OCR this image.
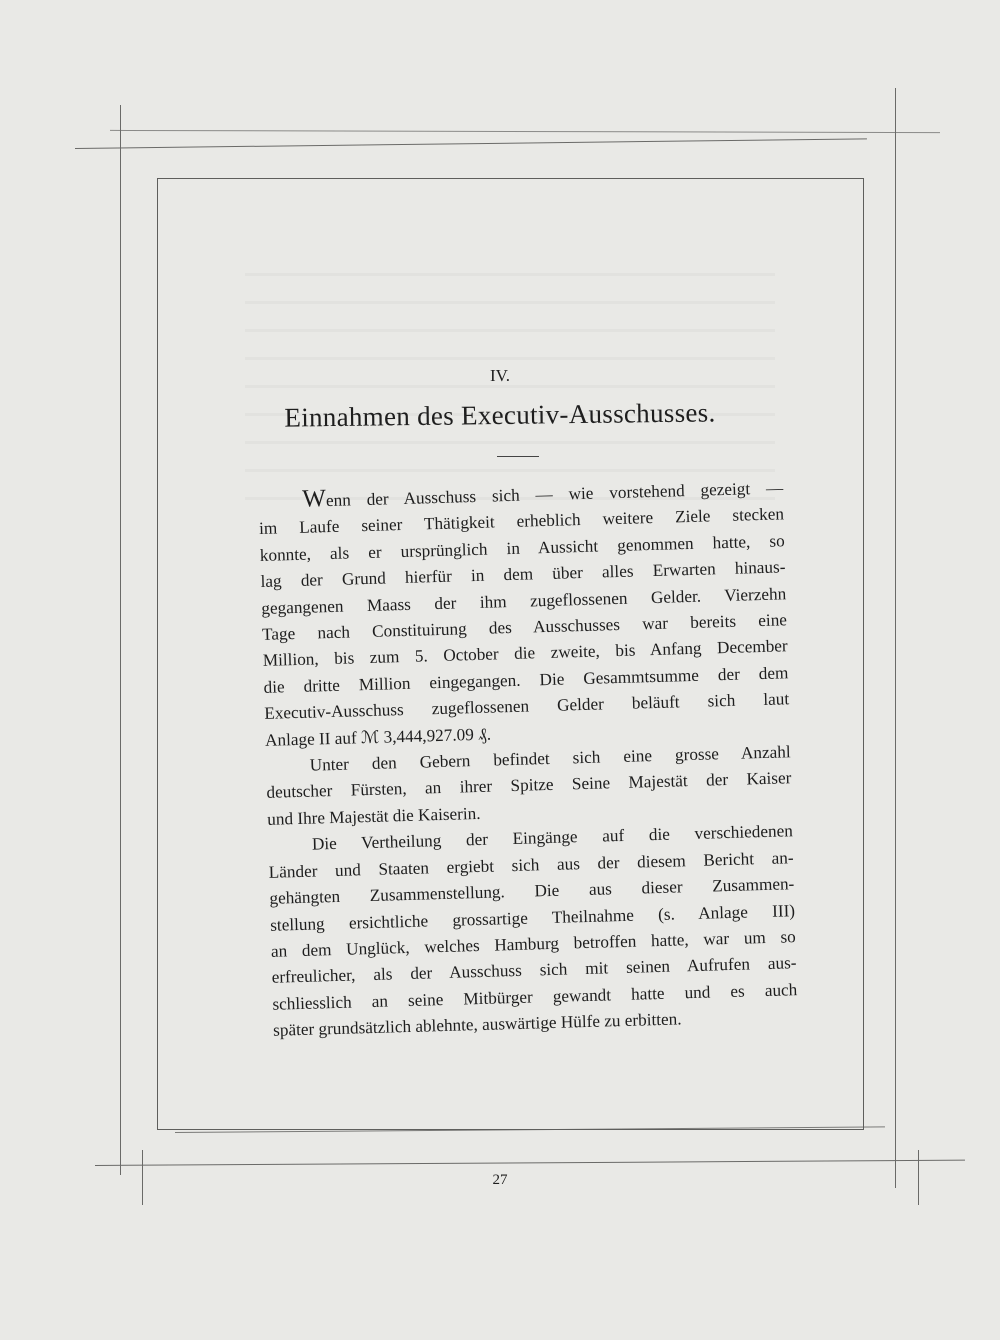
IV.
Einnahmen des Executiv-Ausschusses.

Wenn der Ausschuss sich — wie vorstehend gezeigt —
im Laufe seiner Thätigkeit erheblich weitere Ziele stecken
konnte, als er ursprünglich in Aussicht genommen hatte, so
lag der Grund hierfür in dem über alles Erwarten hinaus-
gegangenen Maass der ihm zugeflossenen Gelder. Vierzehn
Tage nach Constituirung des Ausschusses war bereits eine
Million, bis zum 5. October die zweite, bis Anfang December
die dritte Million eingegangen. Die Gesammtsumme der dem
Executiv-Ausschuss zugeflossenen Gelder beläuft sich laut
Anlage II auf ℳ 3,444,927.09 ₰.

Unter den Gebern befindet sich eine grosse Anzahl
deutscher Fürsten, an ihrer Spitze Seine Majestät der Kaiser
und Ihre Majestät die Kaiserin.

Die Vertheilung der Eingänge auf die verschiedenen
Länder und Staaten ergiebt sich aus der diesem Bericht an-
gehängten Zusammenstellung. Die aus dieser Zusammen-
stellung ersichtliche grossartige Theilnahme (s. Anlage III)
an dem Unglück, welches Hamburg betroffen hatte, war um so
erfreulicher, als der Ausschuss sich mit seinen Aufrufen aus-
schliesslich an seine Mitbürger gewandt hatte und es auch
später grundsätzlich ablehnte, auswärtige Hülfe zu erbitten.

27
